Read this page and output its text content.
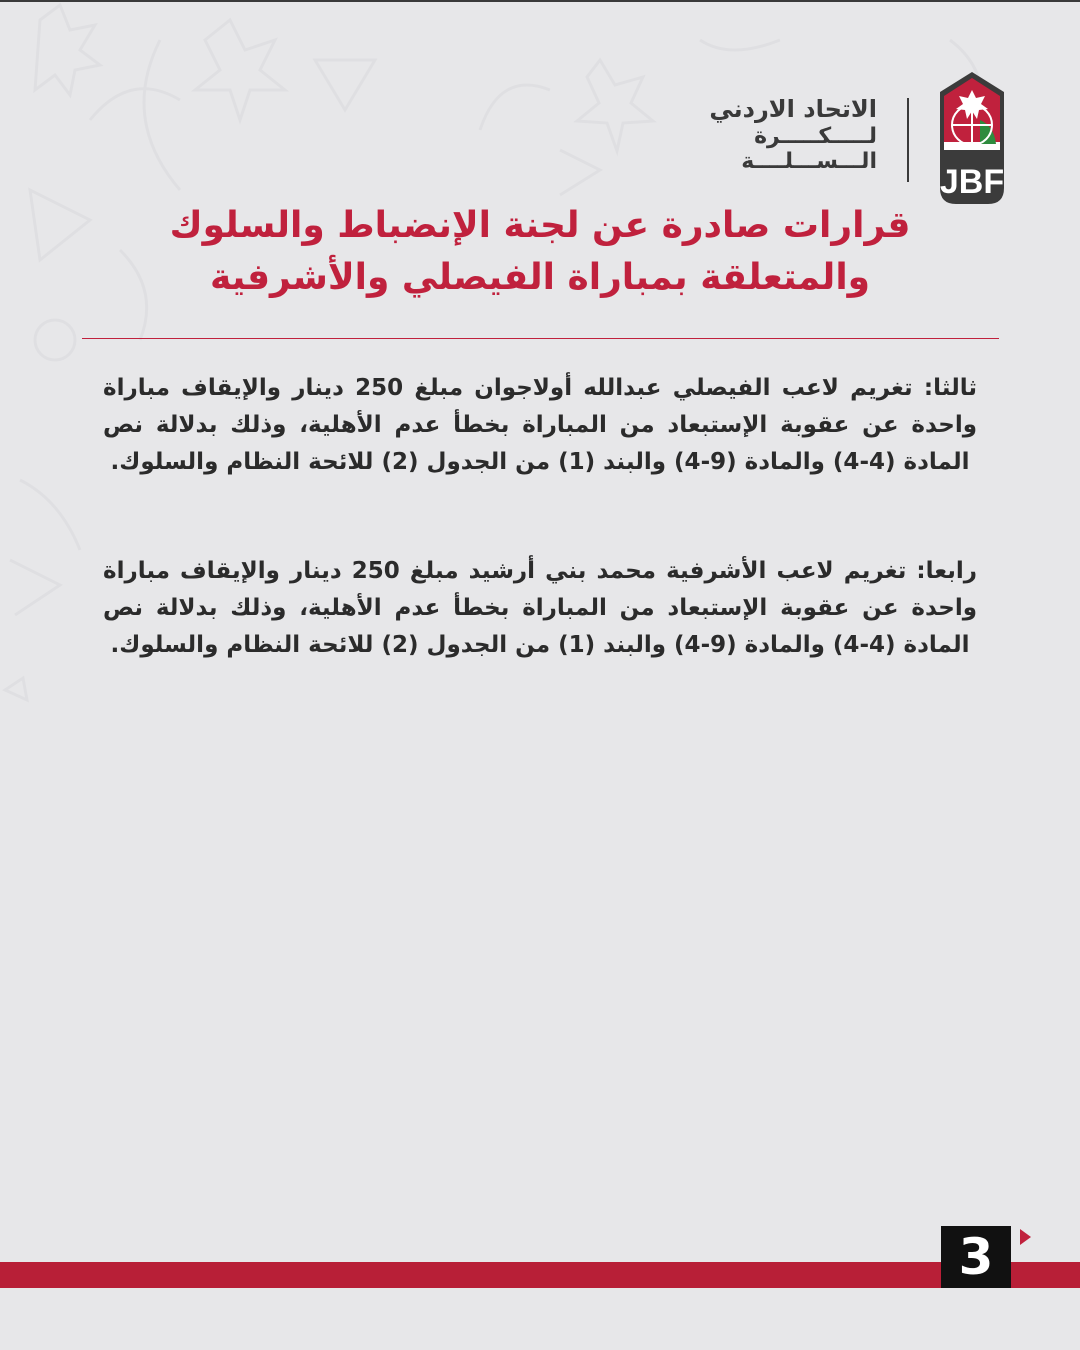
الاتحاد الاردني
لـــــكـــــرة
الـــســـلــــة
JBF
قرارات صادرة عن لجنة الإنضباط والسلوك
والمتعلقة بمباراة الفيصلي والأشرفية

ثالثا: تغريم لاعب الفيصلي عبدالله أولاجوان مبلغ 250 دينار والإيقاف مباراة واحدة عن عقوبة الإستبعاد من المباراة بخطأ عدم الأهلية، وذلك بدلالة نص المادة (4-4) والمادة (9-4) والبند (1) من الجدول (2) للائحة النظام والسلوك.

رابعا: تغريم لاعب الأشرفية محمد بني أرشيد مبلغ 250 دينار والإيقاف مباراة واحدة عن عقوبة الإستبعاد من المباراة بخطأ عدم الأهلية، وذلك بدلالة نص المادة (4-4) والمادة (9-4) والبند (1) من الجدول (2) للائحة النظام والسلوك.

3
